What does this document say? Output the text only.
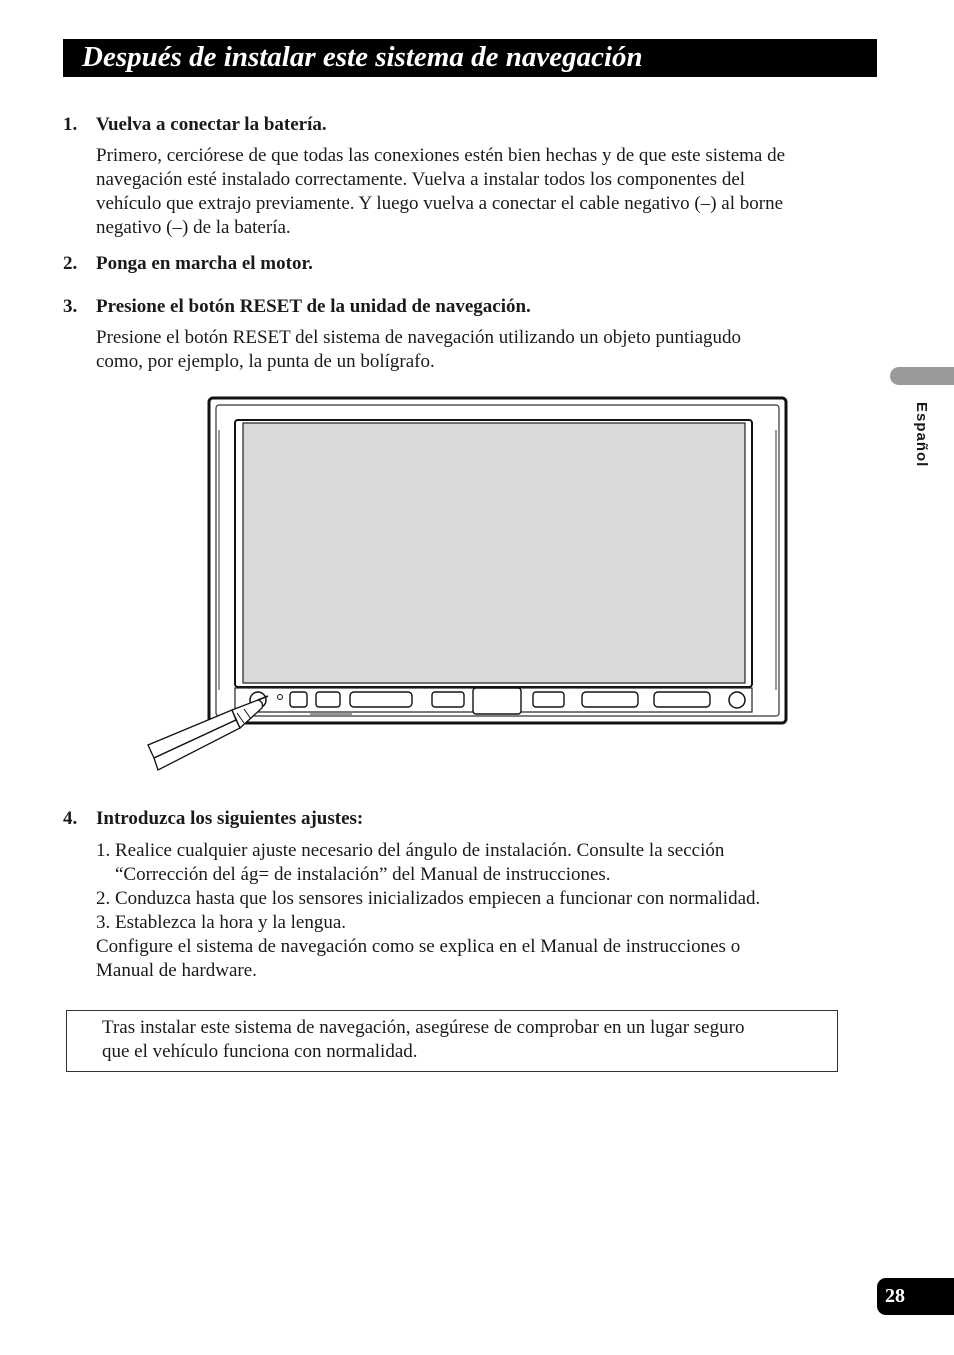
Después de instalar este sistema de navegación
1. Vuelva a conectar la batería.
Primero, cerciórese de que todas las conexiones estén bien hechas y de que este sistema de
navegación esté instalado correctamente. Vuelva a instalar todos los componentes del
vehículo que extrajo previamente. Y luego vuelva a conectar el cable negativo (–) al borne
negativo (–) de la batería.
2. Ponga en marcha el motor.
3. Presione el botón RESET de la unidad de navegación.
Presione el botón RESET del sistema de navegación utilizando un objeto puntiagudo
como, por ejemplo, la punta de un bolígrafo.
4. Introduzca los siguientes ajustes:
1. Realice cualquier ajuste necesario del ángulo de instalación. Consulte la sección
“Corrección del ág= de instalación” del Manual de instrucciones.
2. Conduzca hasta que los sensores inicializados empiecen a funcionar con normalidad.
3. Establezca la hora y la lengua.
Configure el sistema de navegación como se explica en el Manual de instrucciones o
Manual de hardware.

Tras instalar este sistema de navegación, asegúrese de comprobar en un lugar seguro
que el vehículo funciona con normalidad.

Español
28
